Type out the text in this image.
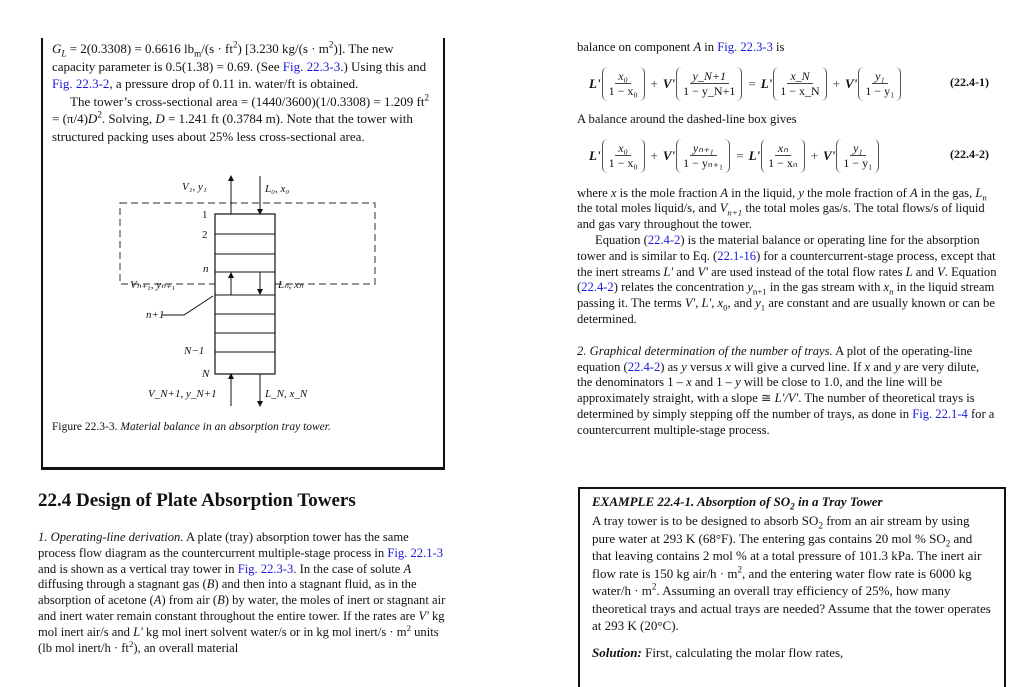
$G_L = 2(0.3308) = 0.6616$ $lb_m/(s \cdot ft^2)$ [3.230 $kg/(s \cdot m^2)$]. The new capacity parameter is 0.5(1.38) = 0.69. (See Fig. 22.3-3.) Using this and Fig. 22.3-2, a pressure drop of 0.11 in. water/ft is obtained.
The tower’s cross-sectional area = (1440/3600)(1/0.3308) = 1.209 $ft^2 = (\pi/4)D^2$. Solving, D = 1.241 ft (0.3784 m). Note that the tower with structured packing uses about 25% less cross-sectional area.
V₁, y₁	L₀, x₀
1
2
n
Vₙ₊₁, yₙ₊₁	Lₙ, xₙ
n+1
N−1
N
V_N+1, y_N+1	L_N, x_N
Figure 22.3-3. Material balance in an absorption tray tower.
22.4 Design of Plate Absorption Towers
1. Operating-line derivation. A plate (tray) absorption tower has the same process flow diagram as the countercurrent multiple-stage process in Fig. 22.1-3 and is shown as a vertical tray tower in Fig. 22.3-3. In the case of solute A diffusing through a stagnant gas (B) and then into a stagnant fluid, as in the absorption of acetone (A) from air (B) by water, the moles of inert or stagnant air and inert water remain constant throughout the entire tower. If the rates are V' kg mol inert air/s and L' kg mol inert solvent water/s or in kg mol inert/s · $m^2$ units (lb mol inert/h · $ft^2$), an overall material
balance on component A in Fig. 22.3-3 is
$L' \frac{\text{x₀}}{\text{1 − x₀}} + V' \frac{y\_N+1}{1 - y\_N+1} = L' \frac{x\_N}{1 - x\_N} + V' \frac{\text{y₁}}{\text{1 − y₁}}$	(22.4-1)
A balance around the dashed-line box gives
$L' \frac{\text{x₀}}{\text{1 − x₀}} + V' \frac{\text{yₙ₊₁}}{\text{1 − yₙ₊₁}} = L' \frac{\text{xₙ}}{\text{1 − xₙ}} + V' \frac{\text{y₁}}{\text{1 − y₁}}$	(22.4-2)
where x is the mole fraction A in the liquid, y the mole fraction of A in the gas, $L_n$ the total moles liquid/s, and $V_{n+1}$ the total moles gas/s. The total flows/s of liquid and gas vary throughout the tower.
Equation (22.4-2) is the material balance or operating line for the absorption tower and is similar to Eq. (22.1-16) for a countercurrent-stage process, except that the inert streams L' and V' are used instead of the total flow rates L and V. Equation (22.4-2) relates the concentration $y_{n+1}$ in the gas stream with $x_n$ in the liquid stream passing it. The terms V', L', $x_0$, and $y_1$ are constant and are usually known or can be determined.
2. Graphical determination of the number of trays. A plot of the operating-line equation (22.4-2) as y versus x will give a curved line. If x and y are very dilute, the denominators 1 – x and 1 – y will be close to 1.0, and the line will be approximately straight, with a slope ≅ L'/V'. The number of theoretical trays is determined by simply stepping off the number of trays, as done in Fig. 22.1-4 for a countercurrent multiple-stage process.
EXAMPLE 22.4-1. Absorption of $SO_2$ in a Tray Tower
A tray tower is to be designed to absorb $SO_2$ from an air stream by using pure water at 293 K (68°F). The entering gas contains 20 mol % $SO_2$ and that leaving contains 2 mol % at a total pressure of 101.3 kPa. The inert air flow rate is 150 kg $air/h \cdot m^2$, and the entering water flow rate is 6000 kg water/h · $m^2$. Assuming an overall tray efficiency of 25%, how many theoretical trays and actual trays are needed? Assume that the tower operates at 293 K (20°C).
Solution: First, calculating the molar flow rates,
